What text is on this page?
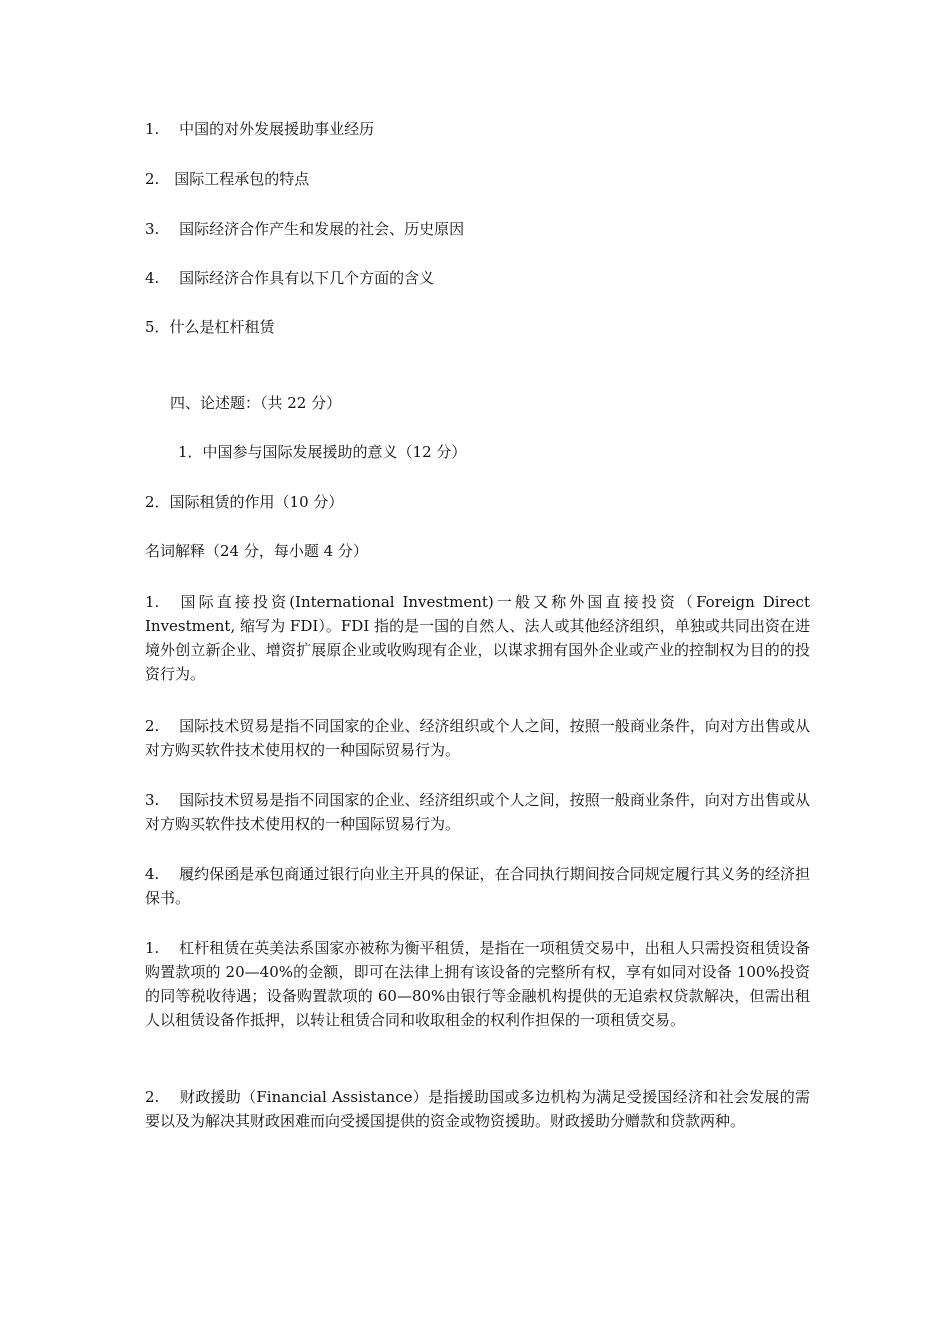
1.　 中国的对外发展援助事业经历
2.　国际工程承包的特点
3.　 国际经济合作产生和发展的社会、历史原因
4.　 国际经济合作具有以下几个方面的含义
5．什么是杠杆租赁
四、论述题：（共 22 分）
1．中国参与国际发展援助的意义（12 分）
2．国际租赁的作用（10 分）
名词解释（24 分，每小题 4 分）
1.　国际直接投资(International Investment)一般又称外国直接投资（Foreign Direct Investment, 缩写为 FDI）。FDI 指的是一国的自然人、法人或其他经济组织，单独或共同出资在进境外创立新企业、增资扩展原企业或收购现有企业，以谋求拥有国外企业或产业的控制权为目的的投资行为。
2.　 国际技术贸易是指不同国家的企业、经济组织或个人之间，按照一般商业条件，向对方出售或从对方购买软件技术使用权的一种国际贸易行为。
3.　 国际技术贸易是指不同国家的企业、经济组织或个人之间，按照一般商业条件，向对方出售或从对方购买软件技术使用权的一种国际贸易行为。
4.　 履约保函是承包商通过银行向业主开具的保证，在合同执行期间按合同规定履行其义务的经济担保书。
1.　 杠杆租赁在英美法系国家亦被称为衡平租赁，是指在一项租赁交易中，出租人只需投资租赁设备购置款项的 20—40%的金额，即可在法律上拥有该设备的完整所有权，享有如同对设备 100%投资的同等税收待遇；设备购置款项的 60—80%由银行等金融机构提供的无追索权贷款解决，但需出租人以租赁设备作抵押，以转让租赁合同和收取租金的权利作担保的一项租赁交易。
2.　 财政援助（Financial Assistance）是指援助国或多边机构为满足受援国经济和社会发展的需要以及为解决其财政困难而向受援国提供的资金或物资援助。财政援助分赠款和贷款两种。
